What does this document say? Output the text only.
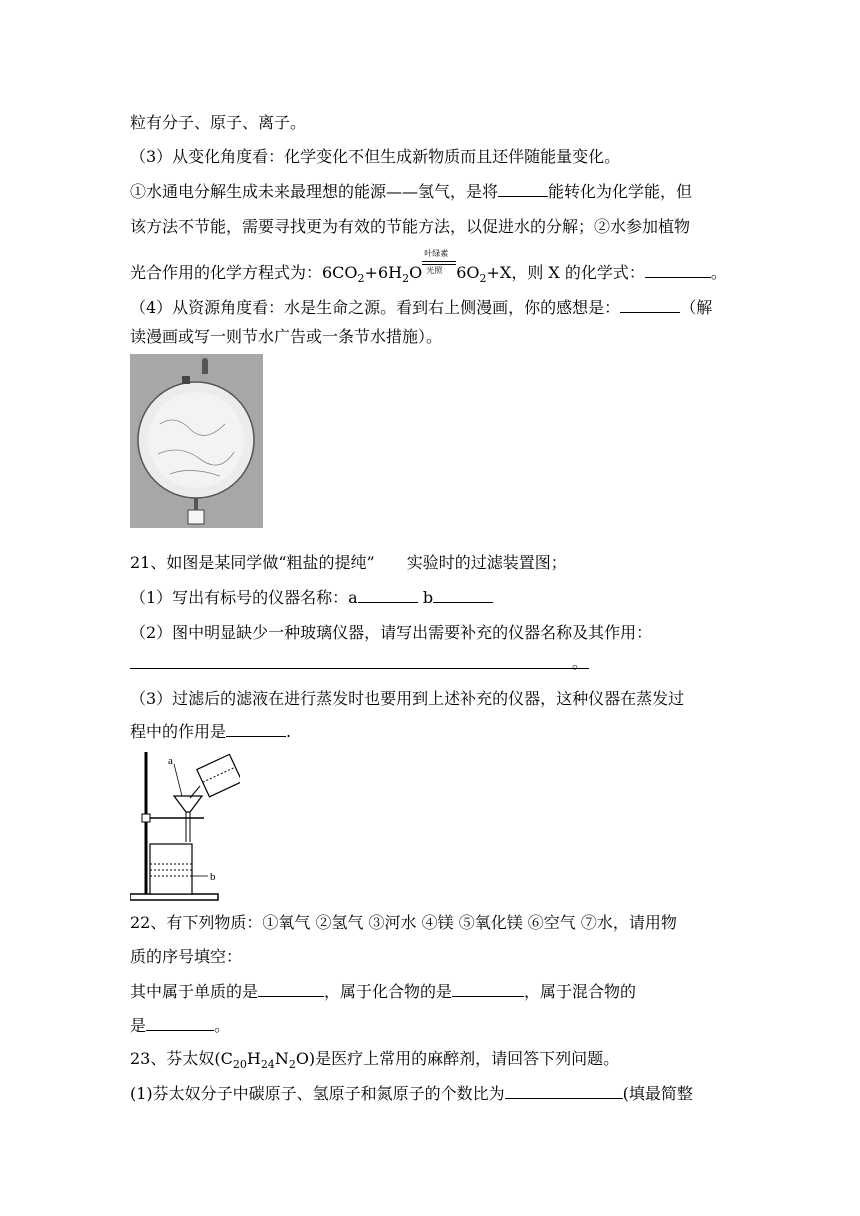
粒有分子、原子、离子。
（3）从变化角度看：化学变化不但生成新物质而且还伴随能量变化。
①水通电分解生成未来最理想的能源——氢气，是将	能转化为化学能，但
该方法不节能，需要寻找更为有效的节能方法，以促进水的分解；②水参加植物
光合作用的化学方程式为：$6CO_2+6H_2O$
叶绿素
光照 $6O_2+X$，则 X 的化学式：	。
（4）从资源角度看：水是生命之源。看到右上侧漫画，你的感想是：	（解
读漫画或写一则节水广告或一条节水措施）。
21、如图是某同学做“粗盐的提纯”　　实验时的过滤装置图；
（1）写出有标号的仪器名称：a	b
（2）图中明显缺少一种玻璃仪器，请写出需要补充的仪器名称及其作用：
。
（3）过滤后的滤液在进行蒸发时也要用到上述补充的仪器，这种仪器在蒸发过
程中的作用是	.
a
b
22、有下列物质：①氧气 ②氢气 ③河水 ④镁 ⑤氧化镁 ⑥空气 ⑦水，请用物
质的序号填空：
其中属于单质的是	，属于化合物的是	，属于混合物的
是	。
23、芬太奴$(C_{20}H_{24}N_2O)$是医疗上常用的麻醉剂，请回答下列问题。
(1)芬太奴分子中碳原子、氢原子和氮原子的个数比为	(填最简整
